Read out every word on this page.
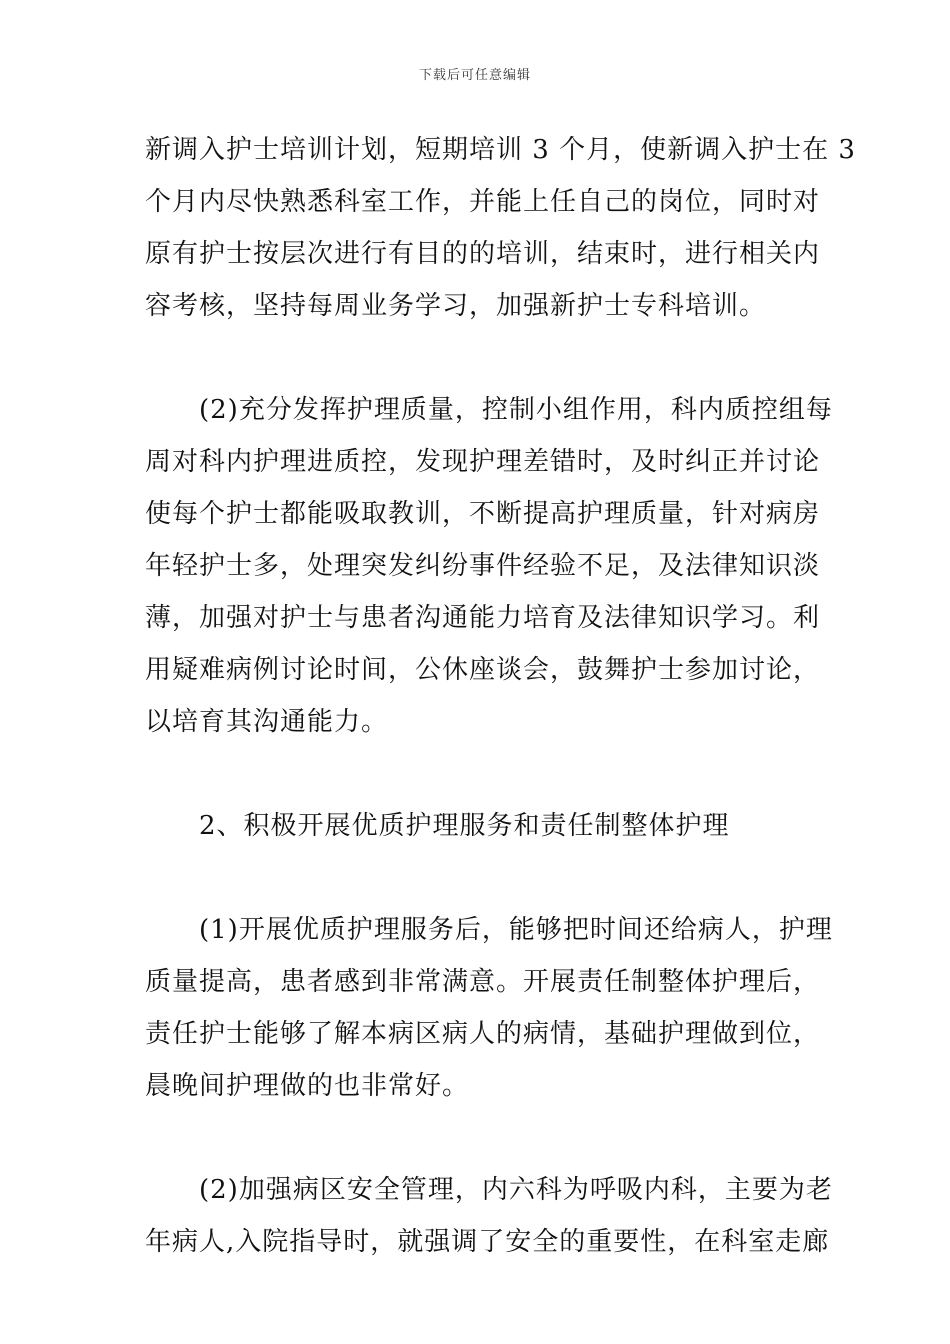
下载后可任意编辑

新调入护士培训计划，短期培训 3 个月，使新调入护士在 3
个月内尽快熟悉科室工作，并能上任自己的岗位，同时对
原有护士按层次进行有目的的培训，结束时，进行相关内
容考核，坚持每周业务学习，加强新护士专科培训。

(2)充分发挥护理质量，控制小组作用，科内质控组每
周对科内护理进质控，发现护理差错时，及时纠正并讨论
使每个护士都能吸取教训，不断提高护理质量，针对病房
年轻护士多，处理突发纠纷事件经验不足，及法律知识淡
薄，加强对护士与患者沟通能力培育及法律知识学习。利
用疑难病例讨论时间，公休座谈会，鼓舞护士参加讨论，
以培育其沟通能力。

2、积极开展优质护理服务和责任制整体护理

(1)开展优质护理服务后，能够把时间还给病人，护理
质量提高，患者感到非常满意。开展责任制整体护理后，
责任护士能够了解本病区病人的病情，基础护理做到位，
晨晚间护理做的也非常好。

(2)加强病区安全管理，内六科为呼吸内科，主要为老
年病人,入院指导时，就强调了安全的重要性，在科室走廊
